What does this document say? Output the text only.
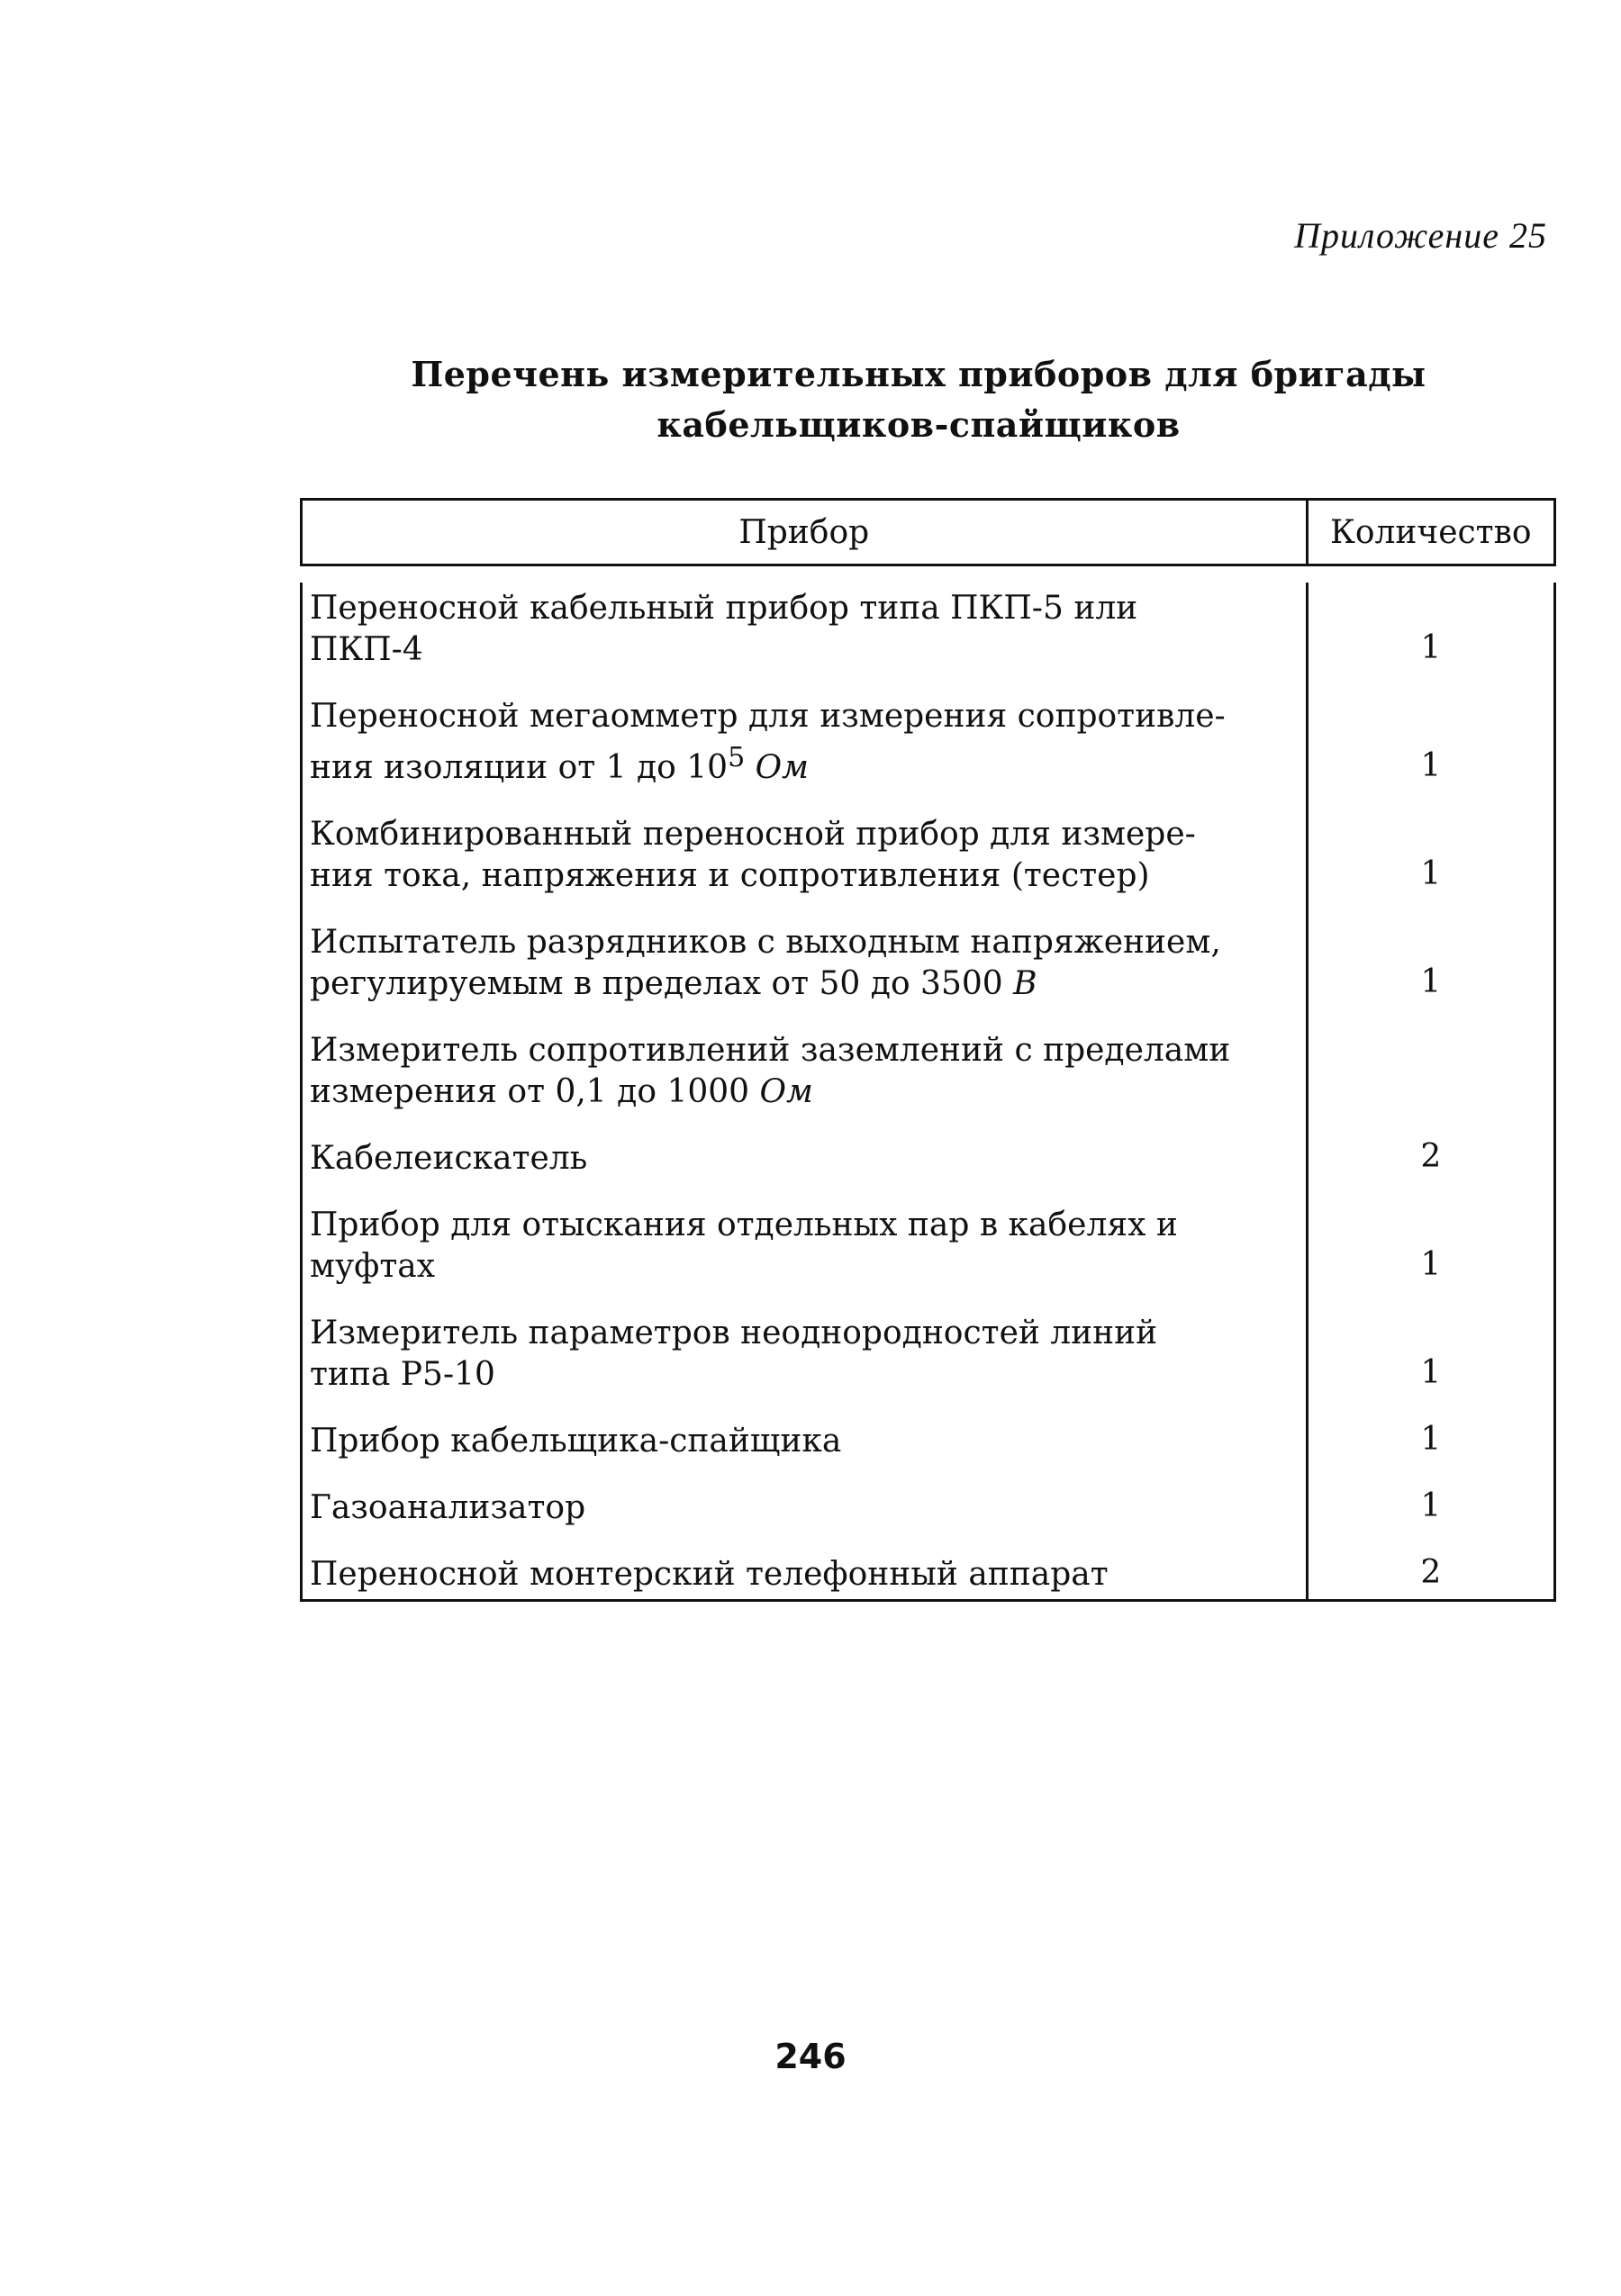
Приложение 25

Перечень измерительных приборов для бригады
кабельщиков-спайщиков
Прибор	Количество

Переносной кабельный прибор типа ПКП-5 или
ПКП-4	1

Переносной мегаомметр для измерения сопротивле-
ния изоляции от 1 до $10^5$ Ом	1

Комбинированный переносной прибор для измере-
ния тока, напряжения и сопротивления (тестер)	1

Испытатель разрядников с выходным напряжением,
регулируемым в пределах от 50 до 3500 В	1

Измеритель сопротивлений заземлений с пределами
измерения от 0,1 до 1000 Ом	

Кабелеискатель	2

Прибор для отыскания отдельных пар в кабелях и
муфтах	1

Измеритель параметров неоднородностей линий
типа Р5-10	1

Прибор кабельщика-спайщика	1

Газоанализатор	1

Переносной монтерский телефонный аппарат	2

246
